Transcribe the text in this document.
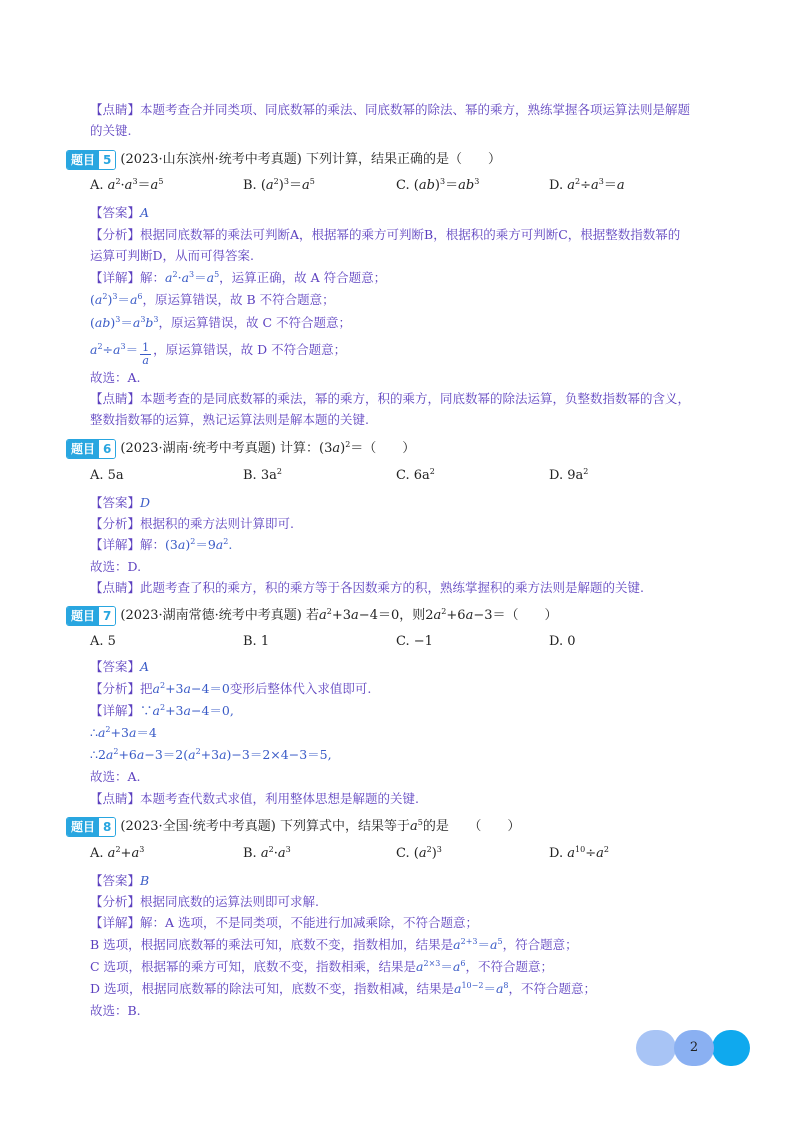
【点睛】本题考查合并同类项、同底数幂的乘法、同底数幂的除法、幂的乘方，熟练掌握各项运算法则是解题
的关键.
题目 5 (2023·山东滨州·统考中考真题) 下列计算，结果正确的是（　　）
A. $a^2\cdot a^3=a^5$	B. $(a^2)^3=a^5$	C. $(ab)^3=ab^3$	D. $a^2\div a^3=a$
【答案】A
【分析】根据同底数幂的乘法可判断A，根据幂的乘方可判断B，根据积的乘方可判断C，根据整数指数幂的
运算可判断D，从而可得答案.
【详解】解：$a^2\cdot a^3=a^5$，运算正确，故 A 符合题意；
$(a^2)^3=a^6$，原运算错误，故 B 不符合题意；
$(ab)^3=a^3b^3$，原运算错误，故 C 不符合题意；
$a^2\div a^3= \frac{1}{a}$ ，原运算错误，故 D 不符合题意；
故选：A.
【点睛】本题考查的是同底数幂的乘法，幂的乘方，积的乘方，同底数幂的除法运算，负整数指数幂的含义，
整数指数幂的运算，熟记运算法则是解本题的关键.
题目 6 (2023·湖南·统考中考真题) 计算：$(3a)^2=$（　　）
A. 5a	B. $3a^2$	C. $6a^2$	D. $9a^2$
【答案】D
【分析】根据积的乘方法则计算即可.
【详解】解：$(3a)^2=9a^2$.
故选：D.
【点睛】此题考查了积的乘方，积的乘方等于各因数乘方的积，熟练掌握积的乘方法则是解题的关键.
题目 7 (2023·湖南常德·统考中考真题) 若$a^2+3a-4=0$，则$2a^2+6a-3=$（　　）
A. 5	B. 1	C. −1	D. 0
【答案】A
【分析】把$a^2+3a-4=0$变形后整体代入求值即可.
【详解】$\because a^2+3a-4=0$,
$\therefore a^2+3a=4$
$\therefore 2a^2+6a-3=2(a^2+3a)-3=2\times 4-3=5$,
故选：A.
【点睛】本题考查代数式求值，利用整体思想是解题的关键.
题目 8 (2023·全国·统考中考真题) 下列算式中，结果等于$a^5$的是　　（　　）
A. $a^2+a^3$	B. $a^2\cdot a^3$	C. $(a^2)^3$	D. $a^{10}\div a^2$
【答案】B
【分析】根据同底数的运算法则即可求解.
【详解】解：A 选项，不是同类项，不能进行加减乘除，不符合题意；
B 选项，根据同底数幂的乘法可知，底数不变，指数相加，结果是$a^{2+3}=a^5$，符合题意；
C 选项，根据幂的乘方可知，底数不变，指数相乘，结果是$a^{2\times 3}=a^6$，不符合题意；
D 选项，根据同底数幂的除法可知，底数不变，指数相减，结果是$a^{10-2}=a^8$，不符合题意；
故选：B.
2
